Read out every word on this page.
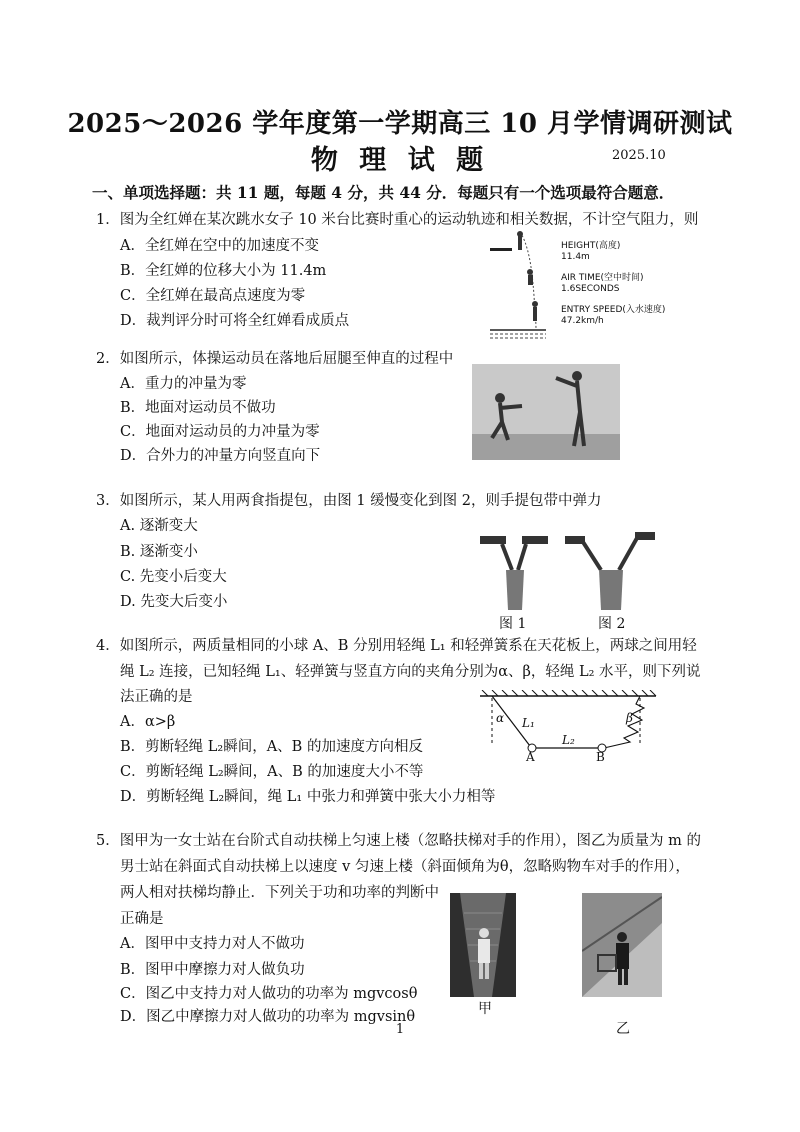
2025～2026 学年度第一学期高三 10 月学情调研测试
物 理 试 题	2025.10
一、单项选择题：共 11 题，每题 4 分，共 44 分．每题只有一个选项最符合题意．
1．图为全红婵在某次跳水女子 10 米台比赛时重心的运动轨迹和相关数据，不计空气阻力，则
A．全红婵在空中的加速度不变
B．全红婵的位移大小为 11.4m
C．全红婵在最高点速度为零
D．裁判评分时可将全红婵看成质点
HEIGHT(高度)
11.4m
AIR TIME(空中时间)
1.6SECONDS
ENTRY SPEED(入水速度)
47.2km/h
2．如图所示，体操运动员在落地后屈腿至伸直的过程中
A．重力的冲量为零
B．地面对运动员不做功
C．地面对运动员的力冲量为零
D．合外力的冲量方向竖直向下
3．如图所示，某人用两食指提包，由图 1 缓慢变化到图 2，则手提包带中弹力
A. 逐渐变大
B. 逐渐变小
C. 先变小后变大
D. 先变大后变小
图 1	图 2
4．如图所示，两质量相同的小球 A、B 分别用轻绳 L₁ 和轻弹簧系在天花板上，两球之间用轻
绳 L₂ 连接，已知轻绳 L₁、轻弹簧与竖直方向的夹角分别为α、β，轻绳 L₂ 水平，则下列说
法正确的是
A．α>β
B．剪断轻绳 L₂瞬间，A、B 的加速度方向相反
C．剪断轻绳 L₂瞬间，A、B 的加速度大小不等
D．剪断轻绳 L₂瞬间，绳 L₁ 中张力和弹簧中张大小力相等
α	β
L₁
L₂
A	B
5．图甲为一女士站在台阶式自动扶梯上匀速上楼（忽略扶梯对手的作用），图乙为质量为 m 的
男士站在斜面式自动扶梯上以速度 v 匀速上楼（斜面倾角为θ，忽略购物车对手的作用），
两人相对扶梯均静止．下列关于功和功率的判断中
正确是
A．图甲中支持力对人不做功
B．图甲中摩擦力对人做负功
C．图乙中支持力对人做功的功率为 mgvcosθ
D．图乙中摩擦力对人做功的功率为 mgvsinθ	甲
乙
1
